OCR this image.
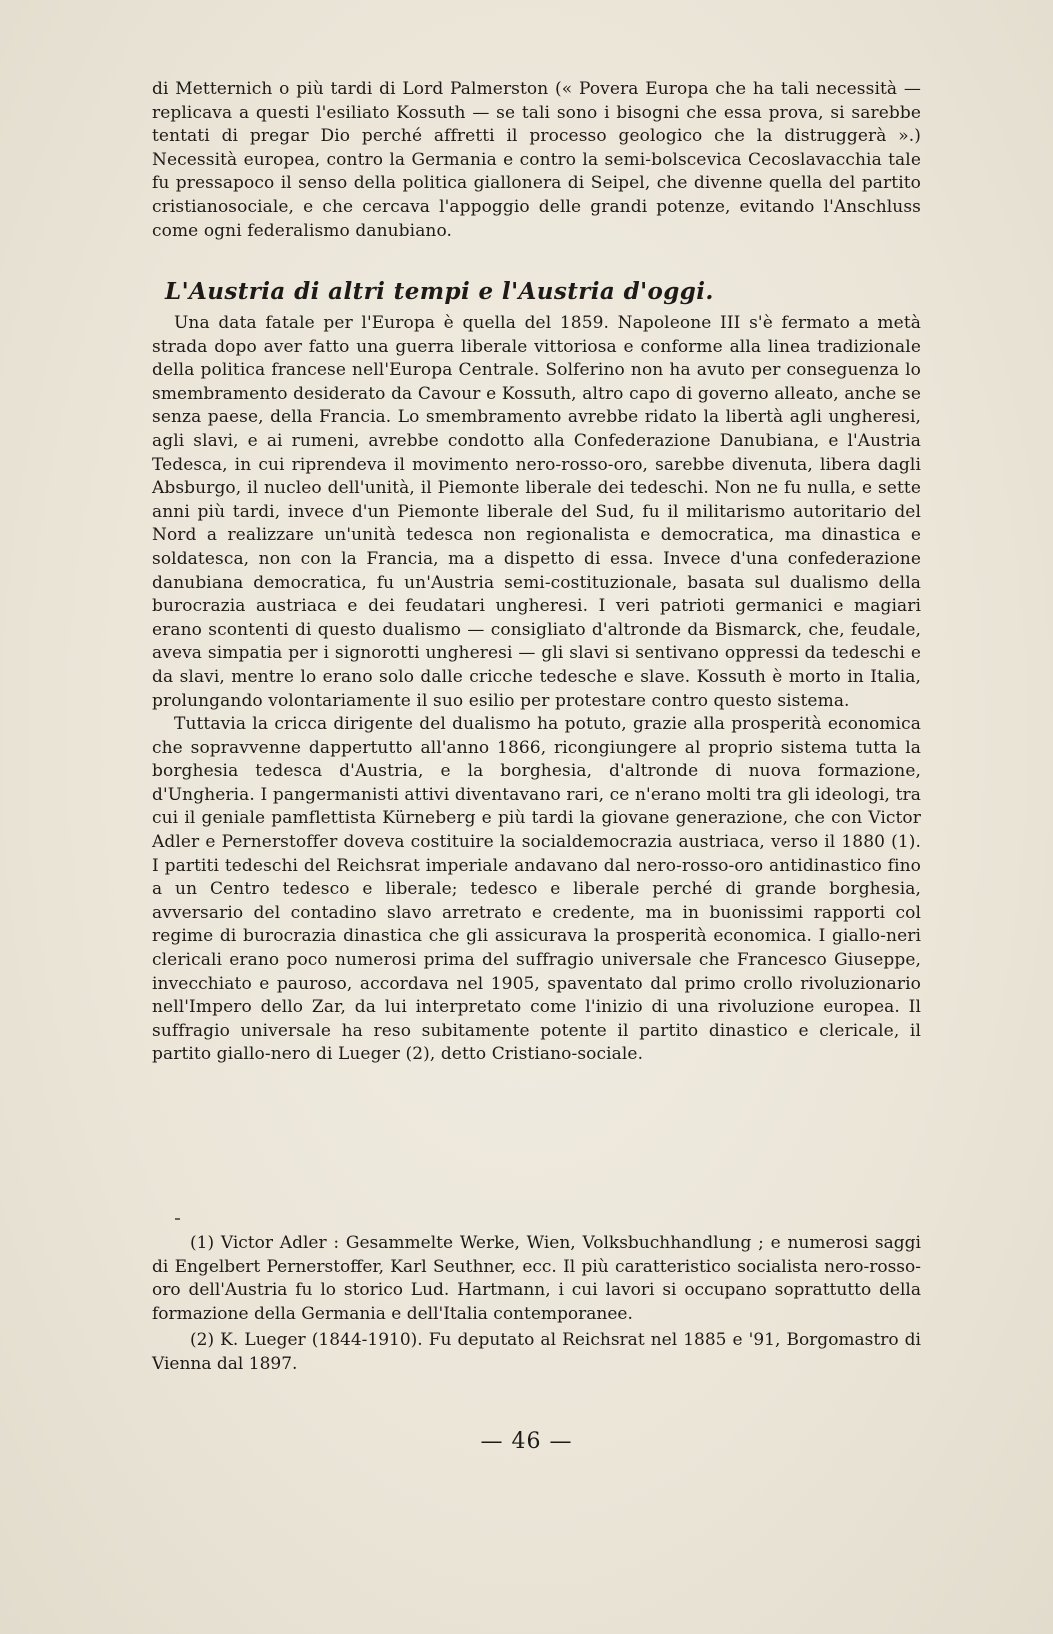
di Metternich o più tardi di Lord Palmerston (« Povera Europa che ha tali necessità — replicava a questi l'esiliato Kossuth — se tali sono i bisogni che essa prova, si sarebbe tentati di pregar Dio perché affretti il processo geologico che la distruggerà ».) Necessità europea, contro la Germania e contro la semi-bolscevica Cecoslavacchia tale fu pressapoco il senso della politica giallonera di Seipel, che divenne quella del partito cristianosociale, e che cercava l'appoggio delle grandi potenze, evitando l'Anschluss come ogni federalismo danubiano.

L'Austria di altri tempi e l'Austria d'oggi.

Una data fatale per l'Europa è quella del 1859. Napoleone III s'è fermato a metà strada dopo aver fatto una guerra liberale vittoriosa e conforme alla linea tradizionale della politica francese nell'Europa Centrale. Solferino non ha avuto per conseguenza lo smembramento desiderato da Cavour e Kossuth, altro capo di governo alleato, anche se senza paese, della Francia. Lo smembramento avrebbe ridato la libertà agli ungheresi, agli slavi, e ai rumeni, avrebbe condotto alla Confederazione Danubiana, e l'Austria Tedesca, in cui riprendeva il movimento nero-rosso-oro, sarebbe divenuta, libera dagli Absburgo, il nucleo dell'unità, il Piemonte liberale dei tedeschi. Non ne fu nulla, e sette anni più tardi, invece d'un Piemonte liberale del Sud, fu il militarismo autoritario del Nord a realizzare un'unità tedesca non regionalista e democratica, ma dinastica e soldatesca, non con la Francia, ma a dispetto di essa. Invece d'una confederazione danubiana democratica, fu un'Austria semi-costituzionale, basata sul dualismo della burocrazia austriaca e dei feudatari ungheresi. I veri patrioti germanici e magiari erano scontenti di questo dualismo — consigliato d'altronde da Bismarck, che, feudale, aveva simpatia per i signorotti ungheresi — gli slavi si sentivano oppressi da tedeschi e da slavi, mentre lo erano solo dalle cricche tedesche e slave. Kossuth è morto in Italia, prolungando volontariamente il suo esilio per protestare contro questo sistema.

Tuttavia la cricca dirigente del dualismo ha potuto, grazie alla prosperità economica che sopravvenne dappertutto all'anno 1866, ricongiungere al proprio sistema tutta la borghesia tedesca d'Austria, e la borghesia, d'altronde di nuova formazione, d'Ungheria. I pangermanisti attivi diventavano rari, ce n'erano molti tra gli ideologi, tra cui il geniale pamflettista Kürneberg e più tardi la giovane generazione, che con Victor Adler e Pernerstoffer doveva costituire la socialdemocrazia austriaca, verso il 1880 (1). I partiti tedeschi del Reichsrat imperiale andavano dal nero-rosso-oro antidinastico fino a un Centro tedesco e liberale; tedesco e liberale perché di grande borghesia, avversario del contadino slavo arretrato e credente, ma in buonissimi rapporti col regime di burocrazia dinastica che gli assicurava la prosperità economica. I giallo-neri clericali erano poco numerosi prima del suffragio universale che Francesco Giuseppe, invecchiato e pauroso, accordava nel 1905, spaventato dal primo crollo rivoluzionario nell'Impero dello Zar, da lui interpretato come l'inizio di una rivoluzione europea. Il suffragio universale ha reso subitamente potente il partito dinastico e clericale, il partito giallo-nero di Lueger (2), detto Cristiano-sociale.

(1) Victor Adler : Gesammelte Werke, Wien, Volksbuchhandlung ; e numerosi saggi di Engelbert Pernerstoffer, Karl Seuthner, ecc. Il più caratteristico socialista nero-rosso-oro dell'Austria fu lo storico Lud. Hartmann, i cui lavori si occupano soprattutto della formazione della Germania e dell'Italia contemporanee.

(2) K. Lueger (1844-1910). Fu deputato al Reichsrat nel 1885 e '91, Borgomastro di Vienna dal 1897.

— 46 —
